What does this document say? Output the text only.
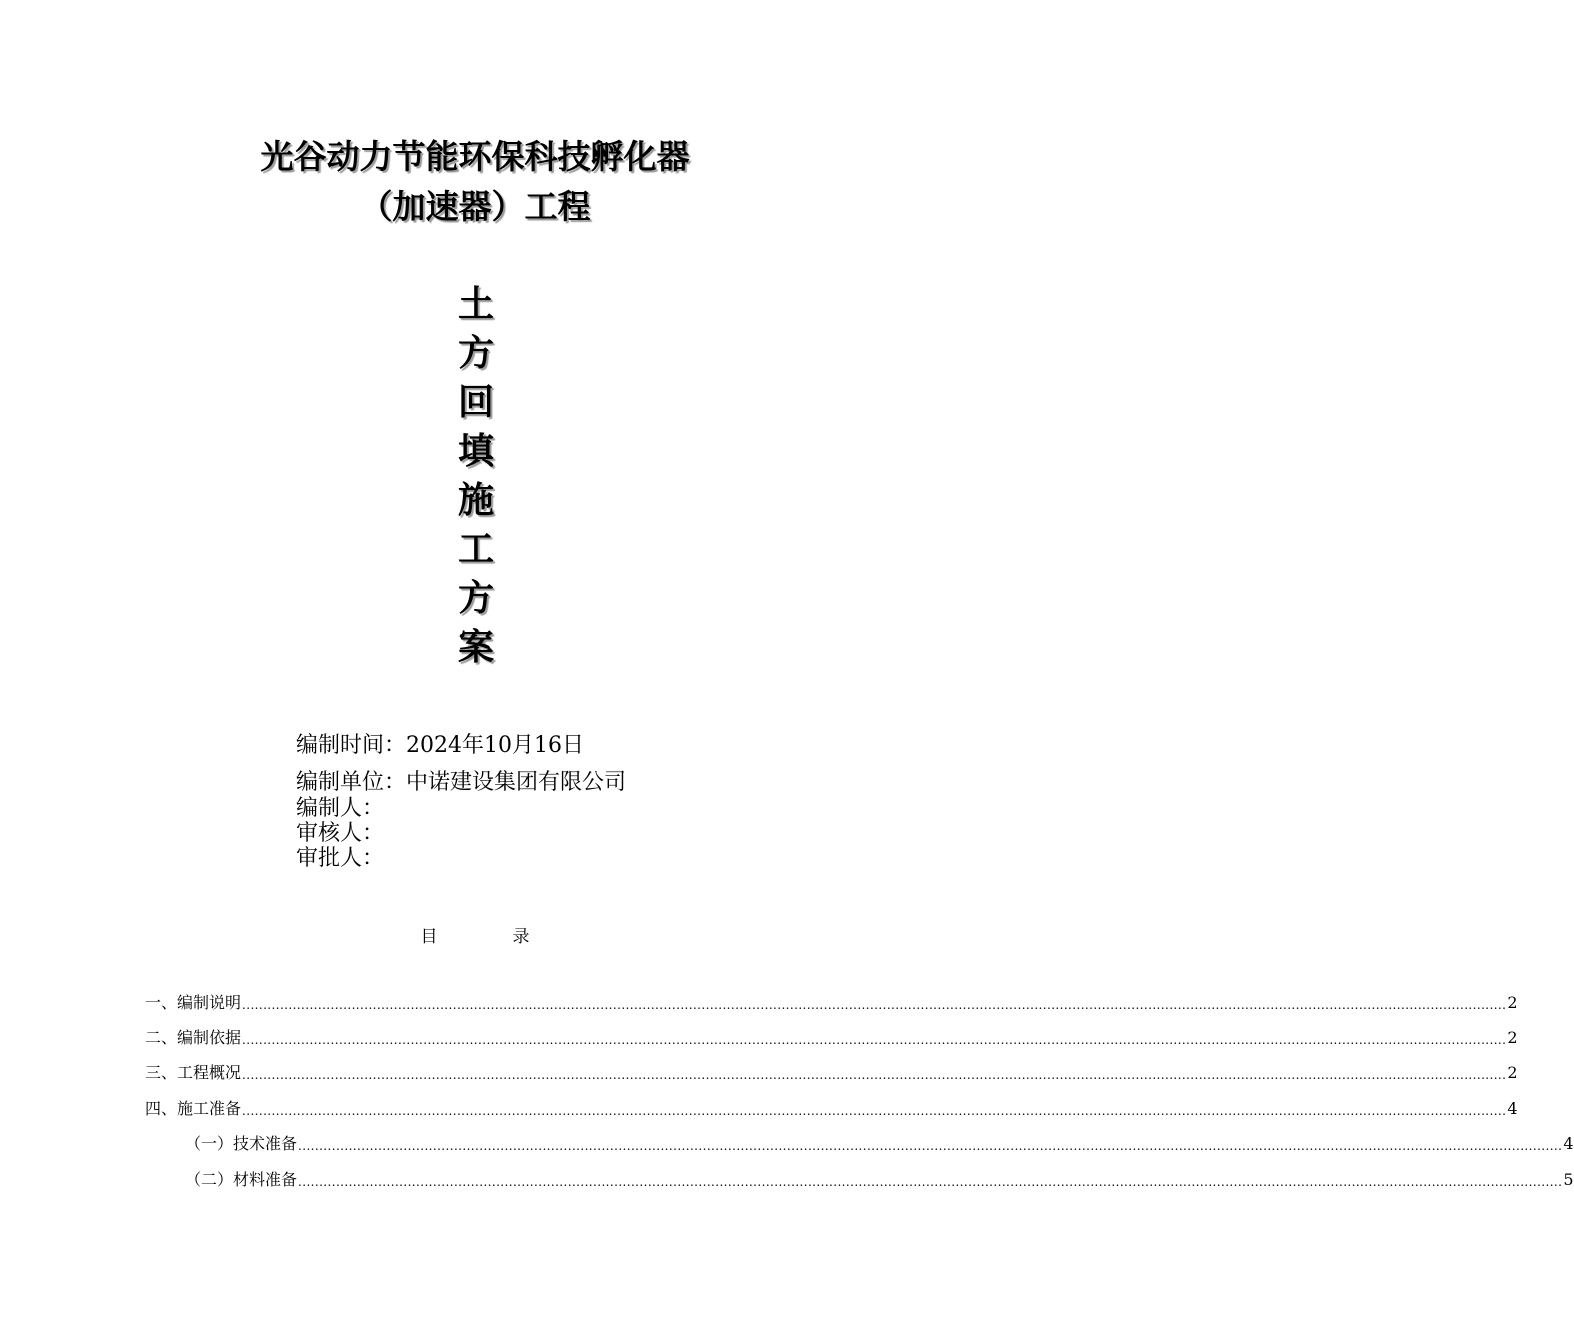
光谷动力节能环保科技孵化器
（加速器）工程
土
方
回
填
施
工
方
案
编制时间：2024年10月16日
编制单位：中诺建设集团有限公司
编制人：
审核人：
审批人：
目	录
一、编制说明 ............................................................................................................................................................................................................................................................................................................ 2
二、编制依据 ............................................................................................................................................................................................................................................................................................................ 2
三、工程概况 ............................................................................................................................................................................................................................................................................................................ 2
四、施工准备 ............................................................................................................................................................................................................................................................................................................ 4
（一）技术准备 ............................................................................................................................................................................................................................................................................................................ 4
（二）材料准备 ............................................................................................................................................................................................................................................................................................................ 5
